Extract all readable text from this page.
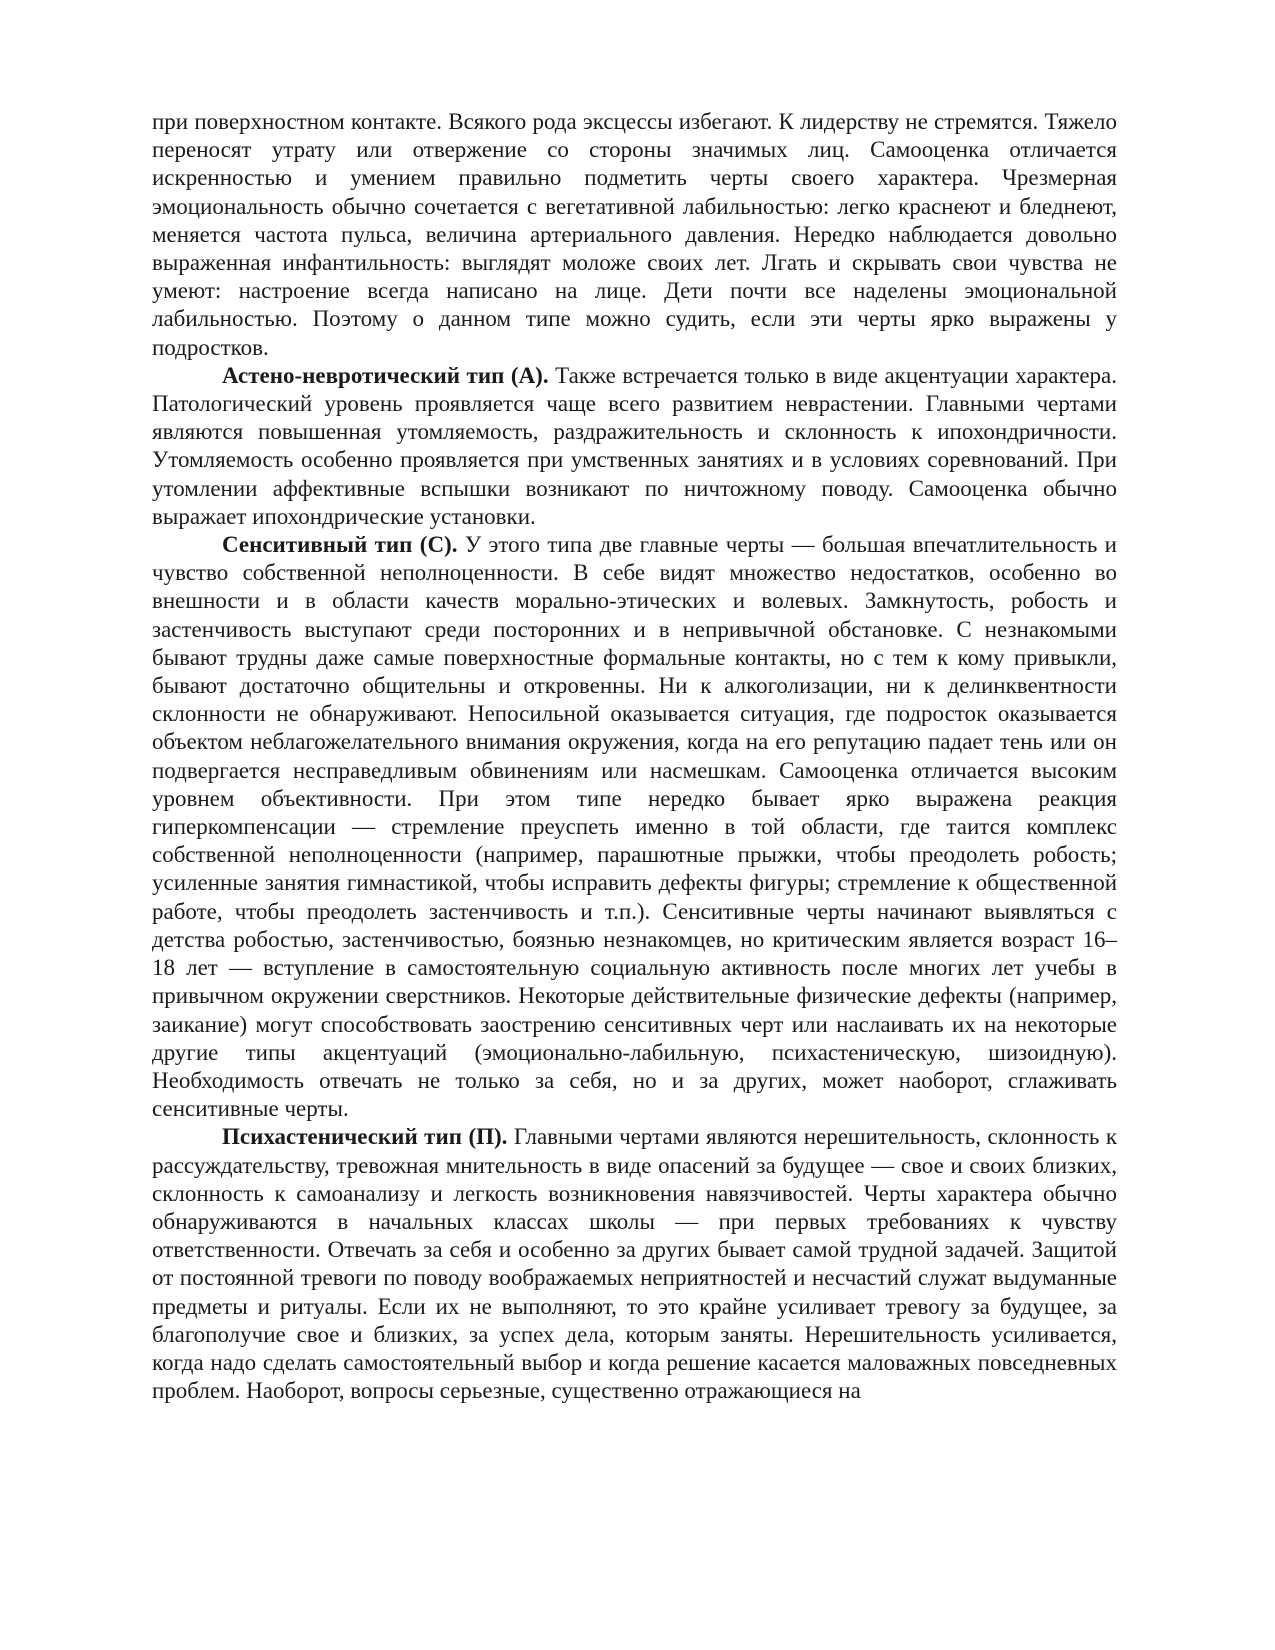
при поверхностном контакте. Всякого рода эксцессы избегают. К лидерству не стремятся. Тяжело переносят утрату или отвержение со стороны значимых лиц. Самооценка отличается искренностью и умением правильно подметить черты своего характера. Чрезмерная эмоциональность обычно сочетается с вегетативной лабильностью: легко краснеют и бледнеют, меняется частота пульса, величина артериального давления. Нередко наблюдается довольно выраженная инфантильность: выглядят моложе своих лет. Лгать и скрывать свои чувства не умеют: настроение всегда написано на лице. Дети почти все наделены эмоциональной лабильностью. Поэтому о данном типе можно судить, если эти черты ярко выражены у подростков.

Астено-невротический тип (А). Также встречается только в виде акцентуации характера. Патологический уровень проявляется чаще всего развитием неврастении. Главными чертами являются повышенная утомляемость, раздражительность и склонность к ипохондричности. Утомляемость особенно проявляется при умственных занятиях и в условиях соревнований. При утомлении аффективные вспышки возникают по ничтожному поводу. Самооценка обычно выражает ипохондрические установки.

Сенситивный тип (С). У этого типа две главные черты — большая впечатлительность и чувство собственной неполноценности. В себе видят множество недостатков, особенно во внешности и в области качеств морально-этических и волевых. Замкнутость, робость и застенчивость выступают среди посторонних и в непривычной обстановке. С незнакомыми бывают трудны даже самые поверхностные формальные контакты, но с тем к кому привыкли, бывают достаточно общительны и откровенны. Ни к алкоголизации, ни к делинквентности склонности не обнаруживают. Непосильной оказывается ситуация, где подросток оказывается объектом неблагожелательного внимания окружения, когда на его репутацию падает тень или он подвергается несправедливым обвинениям или насмешкам. Самооценка отличается высоким уровнем объективности. При этом типе нередко бывает ярко выражена реакция гиперкомпенсации — стремление преуспеть именно в той области, где таится комплекс собственной неполноценности (например, парашютные прыжки, чтобы преодолеть робость; усиленные занятия гимнастикой, чтобы исправить дефекты фигуры; стремление к общественной работе, чтобы преодолеть застенчивость и т.п.). Сенситивные черты начинают выявляться с детства робостью, застенчивостью, боязнью незнакомцев, но критическим является возраст 16–18 лет — вступление в самостоятельную социальную активность после многих лет учебы в привычном окружении сверстников. Некоторые действительные физические дефекты (например, заикание) могут способствовать заострению сенситивных черт или наслаивать их на некоторые другие типы акцентуаций (эмоционально-лабильную, психастеническую, шизоидную). Необходимость отвечать не только за себя, но и за других, может наоборот, сглаживать сенситивные черты.

Психастенический тип (П). Главными чертами являются нерешительность, склонность к рассуждательству, тревожная мнительность в виде опасений за будущее — свое и своих близких, склонность к самоанализу и легкость возникновения навязчивостей. Черты характера обычно обнаруживаются в начальных классах школы — при первых требованиях к чувству ответственности. Отвечать за себя и особенно за других бывает самой трудной задачей. Защитой от постоянной тревоги по поводу воображаемых неприятностей и несчастий служат выдуманные предметы и ритуалы. Если их не выполняют, то это крайне усиливает тревогу за будущее, за благополучие свое и близких, за успех дела, которым заняты. Нерешительность усиливается, когда надо сделать самостоятельный выбор и когда решение касается маловажных повседневных проблем. Наоборот, вопросы серьезные, существенно отражающиеся на
